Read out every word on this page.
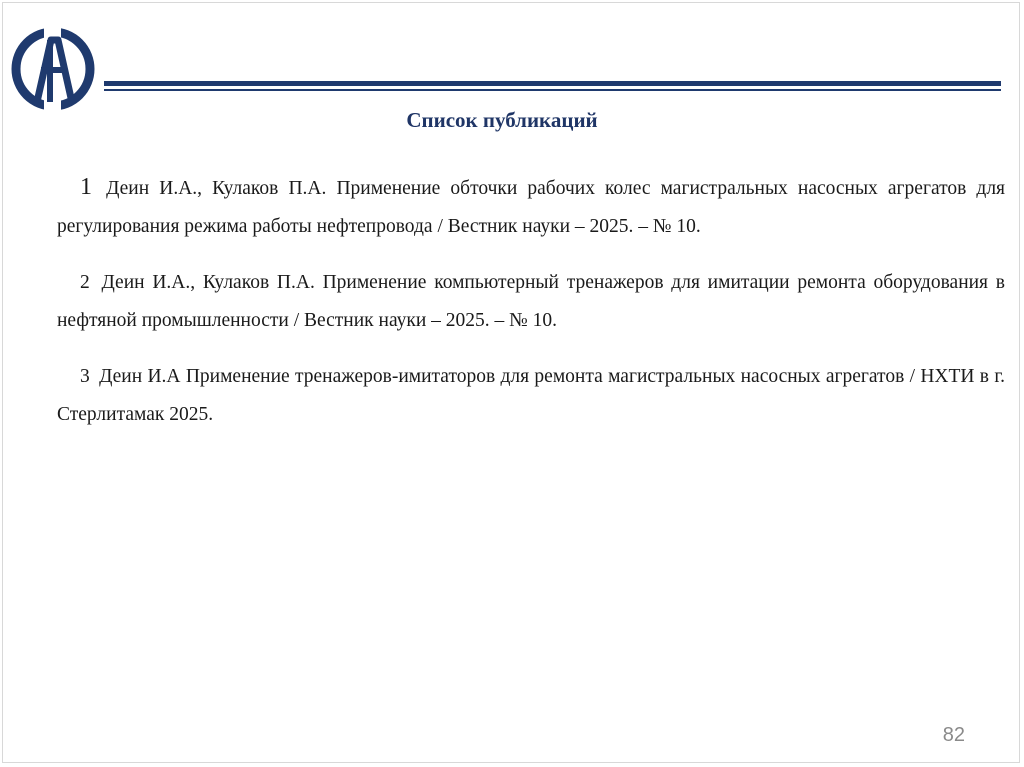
Список публикаций

1 Деин И.А., Кулаков П.А. Применение обточки рабочих колес магистральных насосных агрегатов для регулирования режима работы нефтепровода / Вестник науки – 2025. – № 10.

2 Деин И.А., Кулаков П.А. Применение компьютерный тренажеров для имитации ремонта оборудования в нефтяной промышленности / Вестник науки – 2025. – № 10.

3 Деин И.А Применение тренажеров-имитаторов для ремонта магистральных насосных агрегатов / НХТИ в г. Стерлитамак 2025.

82
